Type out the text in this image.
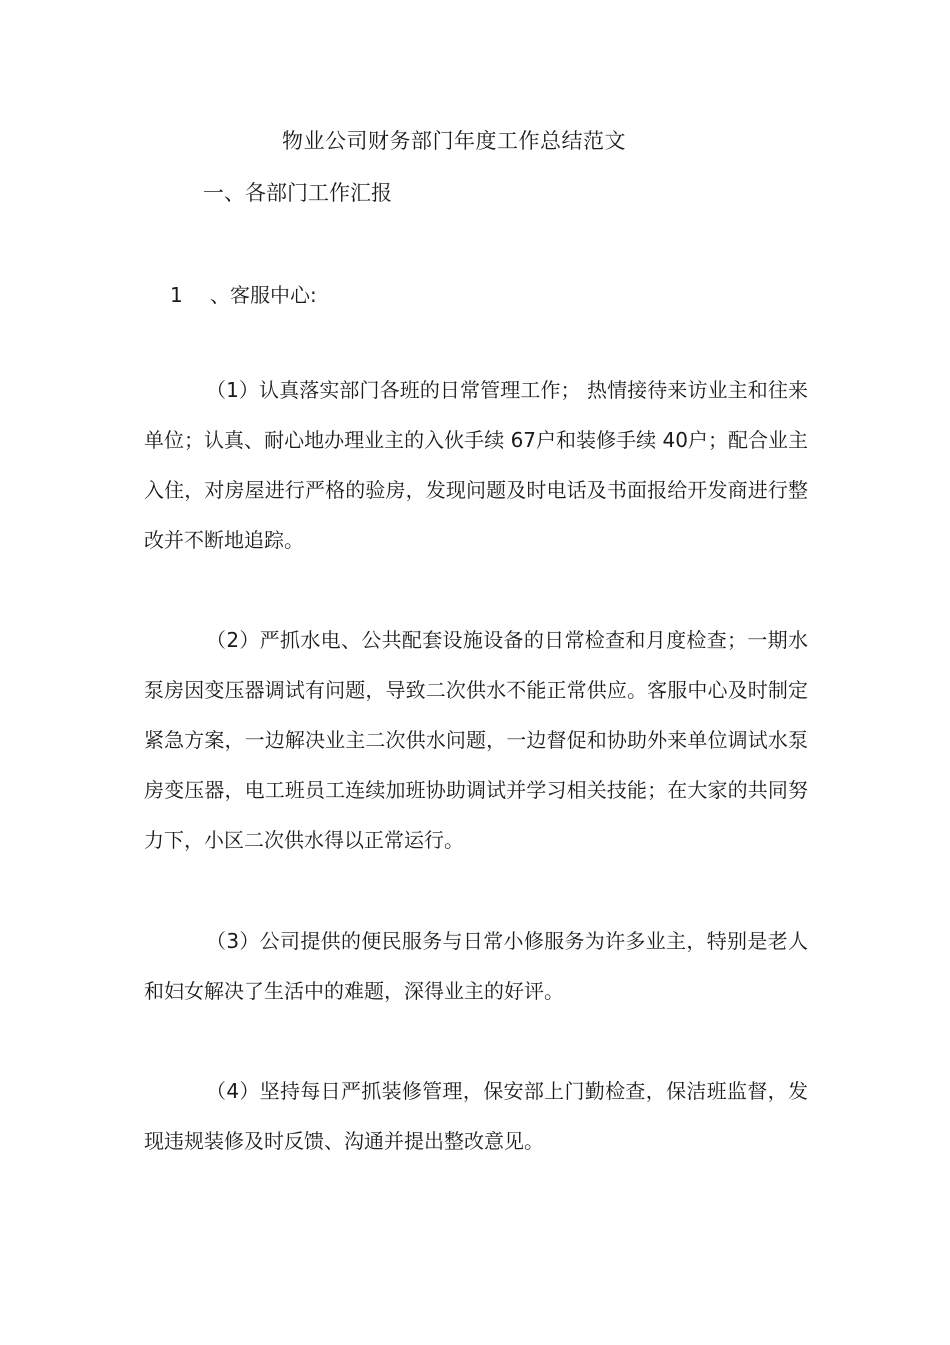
物业公司财务部门年度工作总结范文
一、各部门工作汇报
1 、客服中心:
（1）认真落实部门各班的日常管理工作； 热情接待来访业主和往来单位；认真、耐心地办理业主的入伙手续 67户和装修手续 40户；配合业主入住，对房屋进行严格的验房，发现问题及时电话及书面报给开发商进行整改并不断地追踪。
（2）严抓水电、公共配套设施设备的日常检查和月度检查；一期水泵房因变压器调试有问题，导致二次供水不能正常供应。客服中心及时制定紧急方案，一边解决业主二次供水问题，一边督促和协助外来单位调试水泵房变压器，电工班员工连续加班协助调试并学习相关技能；在大家的共同努力下，小区二次供水得以正常运行。
（3）公司提供的便民服务与日常小修服务为许多业主，特别是老人和妇女解决了生活中的难题，深得业主的好评。
（4）坚持每日严抓装修管理，保安部上门勤检查，保洁班监督，发现违规装修及时反馈、沟通并提出整改意见。
